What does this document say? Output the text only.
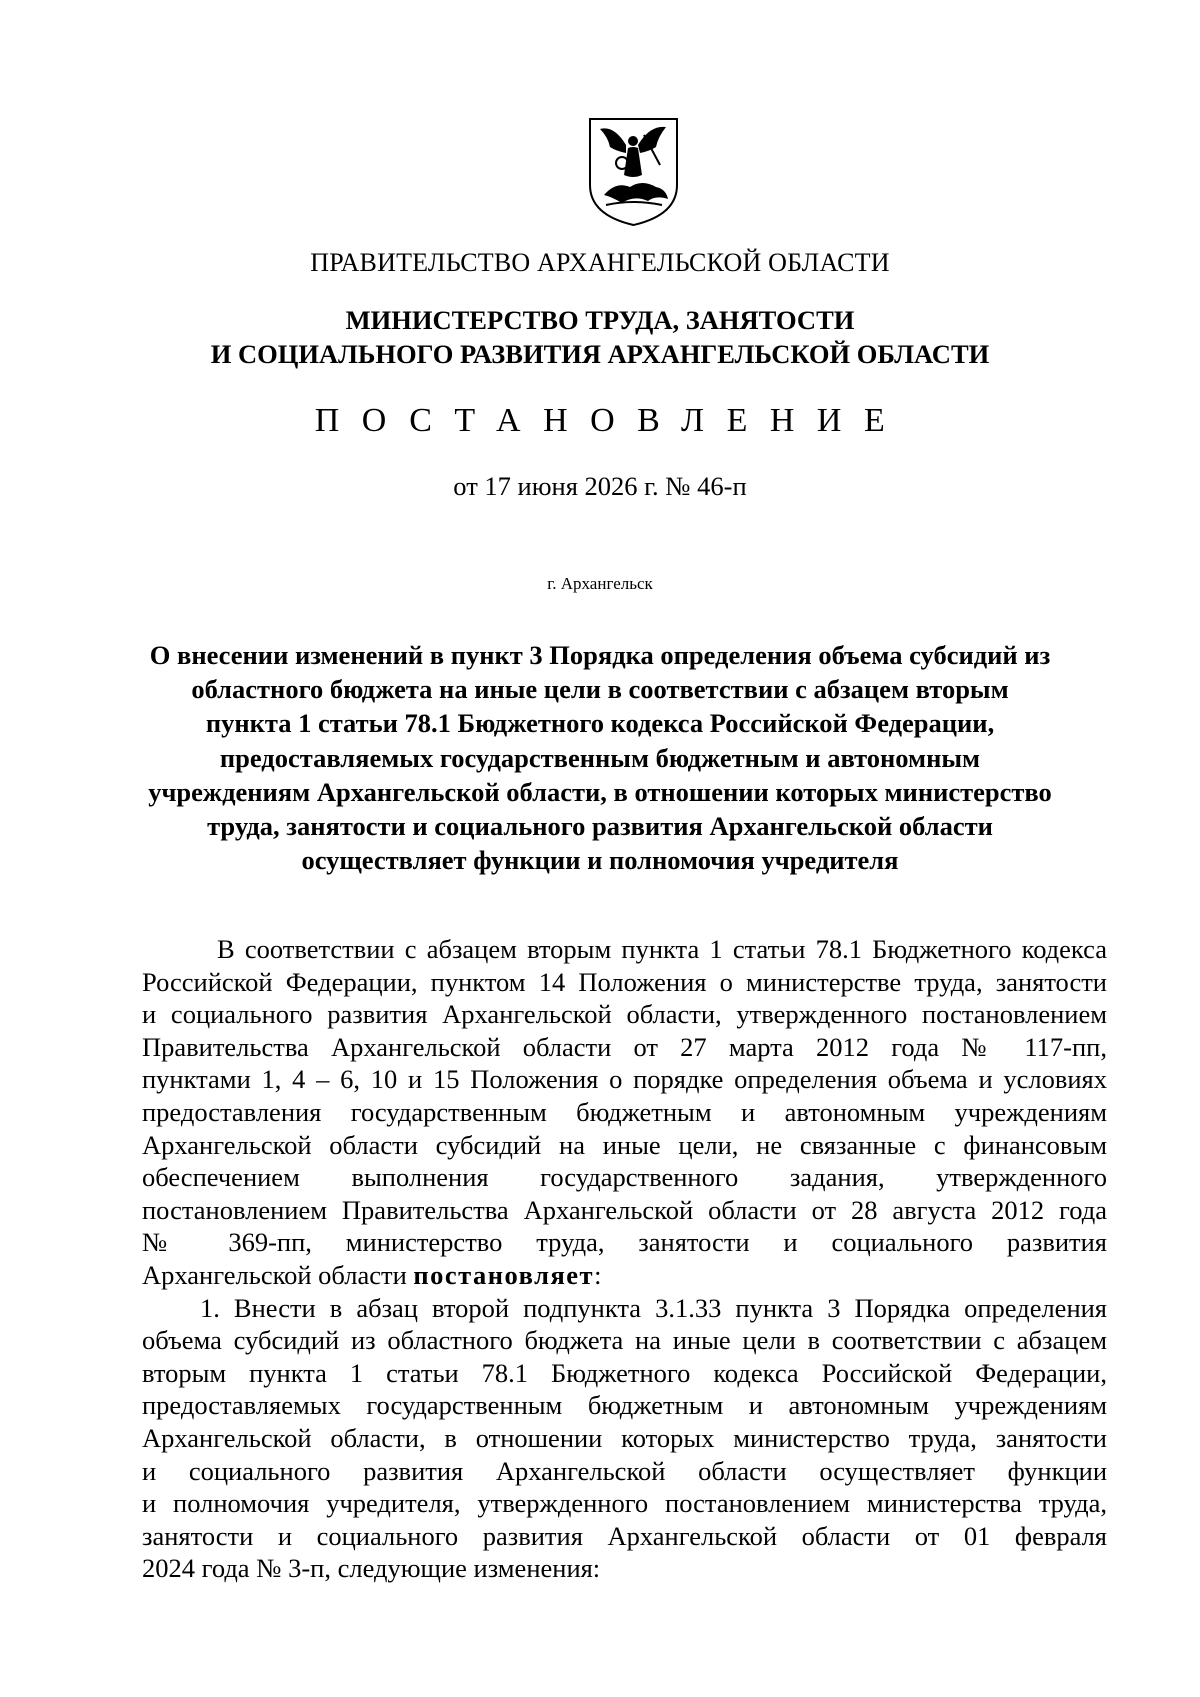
ПРАВИТЕЛЬСТВО АРХАНГЕЛЬСКОЙ ОБЛАСТИ
МИНИСТЕРСТВО ТРУДА, ЗАНЯТОСТИ
И СОЦИАЛЬНОГО РАЗВИТИЯ АРХАНГЕЛЬСКОЙ ОБЛАСТИ
ПОСТАНОВЛЕНИЕ
от 17 июня 2026 г. № 46-п
г. Архангельск
О внесении изменений в пункт 3 Порядка определения объема субсидий из
областного бюджета на иные цели в соответствии с абзацем вторым
пункта 1 статьи 78.1 Бюджетного кодекса Российской Федерации,
предоставляемых государственным бюджетным и автономным
учреждениям Архангельской области, в отношении которых министерство
труда, занятости и социального развития Архангельской области
осуществляет функции и полномочия учредителя
В соответствии с абзацем вторым пункта 1 статьи 78.1 Бюджетного кодекса
Российской Федерации, пунктом 14 Положения о министерстве труда, занятости
и социального развития Архангельской области, утвержденного постановлением
Правительства Архангельской области от 27 марта 2012 года № 117-пп,
пунктами 1, 4 – 6, 10 и 15 Положения о порядке определения объема и условиях
предоставления государственным бюджетным и автономным учреждениям
Архангельской области субсидий на иные цели, не связанные с финансовым
обеспечением выполнения государственного задания, утвержденного
постановлением Правительства Архангельской области от 28 августа 2012 года
№ 369-пп, министерство труда, занятости и социального развития
Архангельской области постановляет:
1. Внести в абзац второй подпункта 3.1.33 пункта 3 Порядка определения
объема субсидий из областного бюджета на иные цели в соответствии с абзацем
вторым пункта 1 статьи 78.1 Бюджетного кодекса Российской Федерации,
предоставляемых государственным бюджетным и автономным учреждениям
Архангельской области, в отношении которых министерство труда, занятости
и социального развития Архангельской области осуществляет функции
и полномочия учредителя, утвержденного постановлением министерства труда,
занятости и социального развития Архангельской области от 01 февраля
2024 года № 3-п, следующие изменения:
